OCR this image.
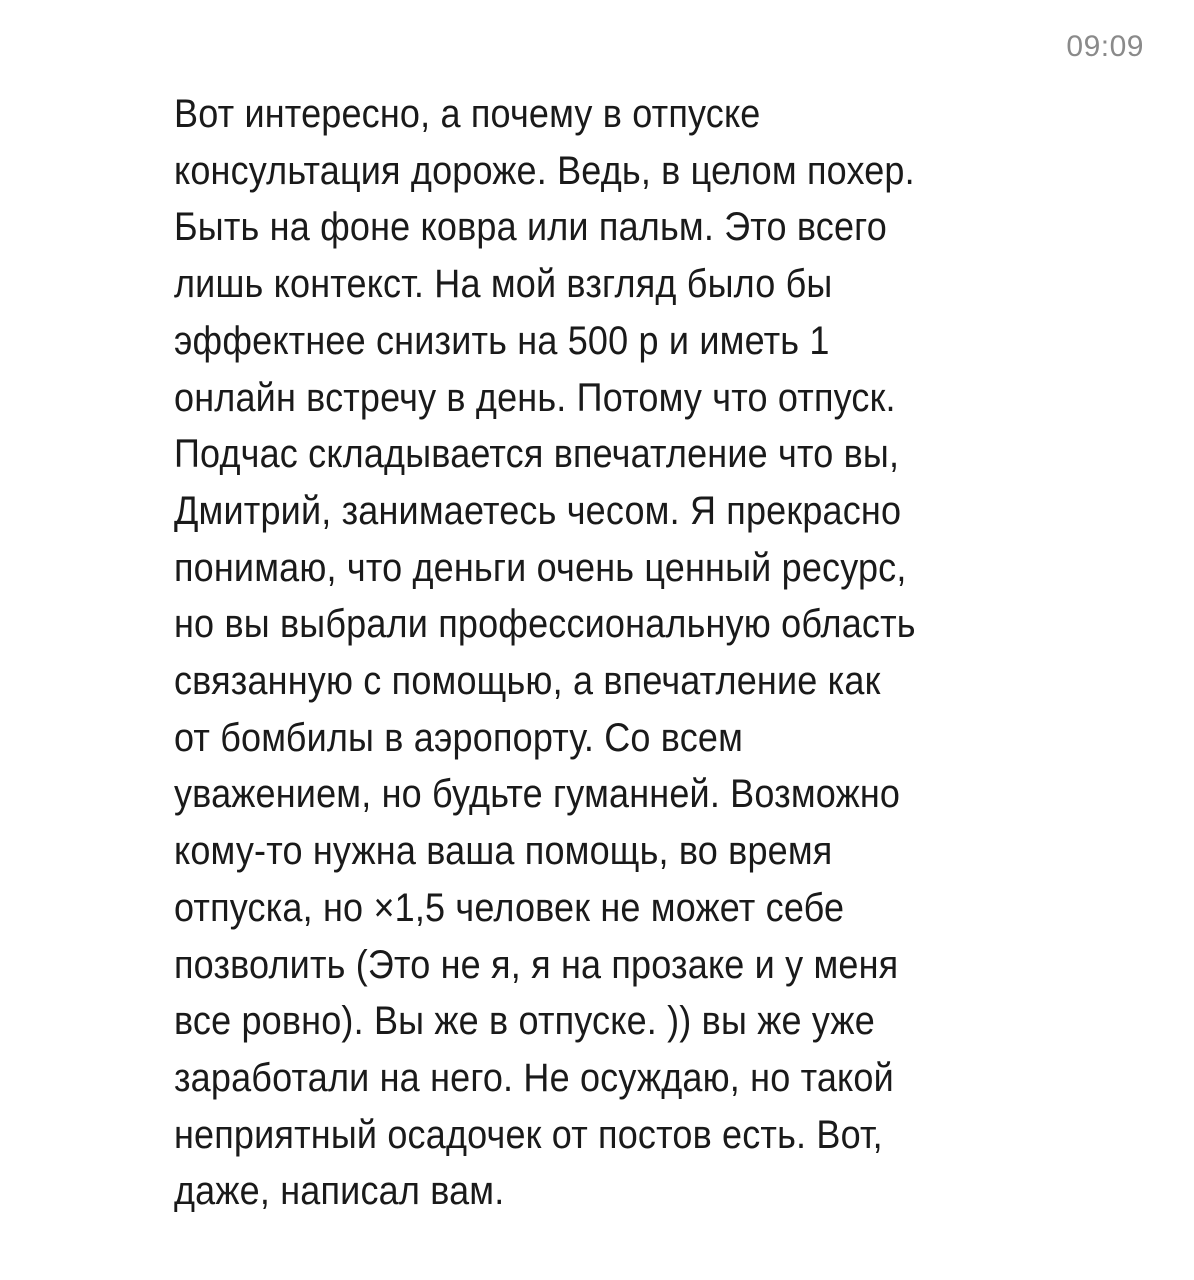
09:09
Вот интересно, а почему в отпуске
консультация дороже. Ведь, в целом похер.
Быть на фоне ковра или пальм. Это всего
лишь контекст. На мой взгляд было бы
эффектнее снизить на 500 р и иметь 1
онлайн встречу в день. Потому что отпуск.
Подчас складывается впечатление что вы,
Дмитрий, занимаетесь чесом. Я прекрасно
понимаю, что деньги очень ценный ресурс,
но вы выбрали профессиональную область
связанную с помощью, а впечатление как
от бомбилы в аэропорту. Со всем
уважением, но будьте гуманней. Возможно
кому-то нужна ваша помощь, во время
отпуска, но ×1,5 человек не может себе
позволить (Это не я, я на прозаке и у меня
все ровно). Вы же в отпуске. )) вы же уже
заработали на него. Не осуждаю, но такой
неприятный осадочек от постов есть. Вот,
даже, написал вам.
